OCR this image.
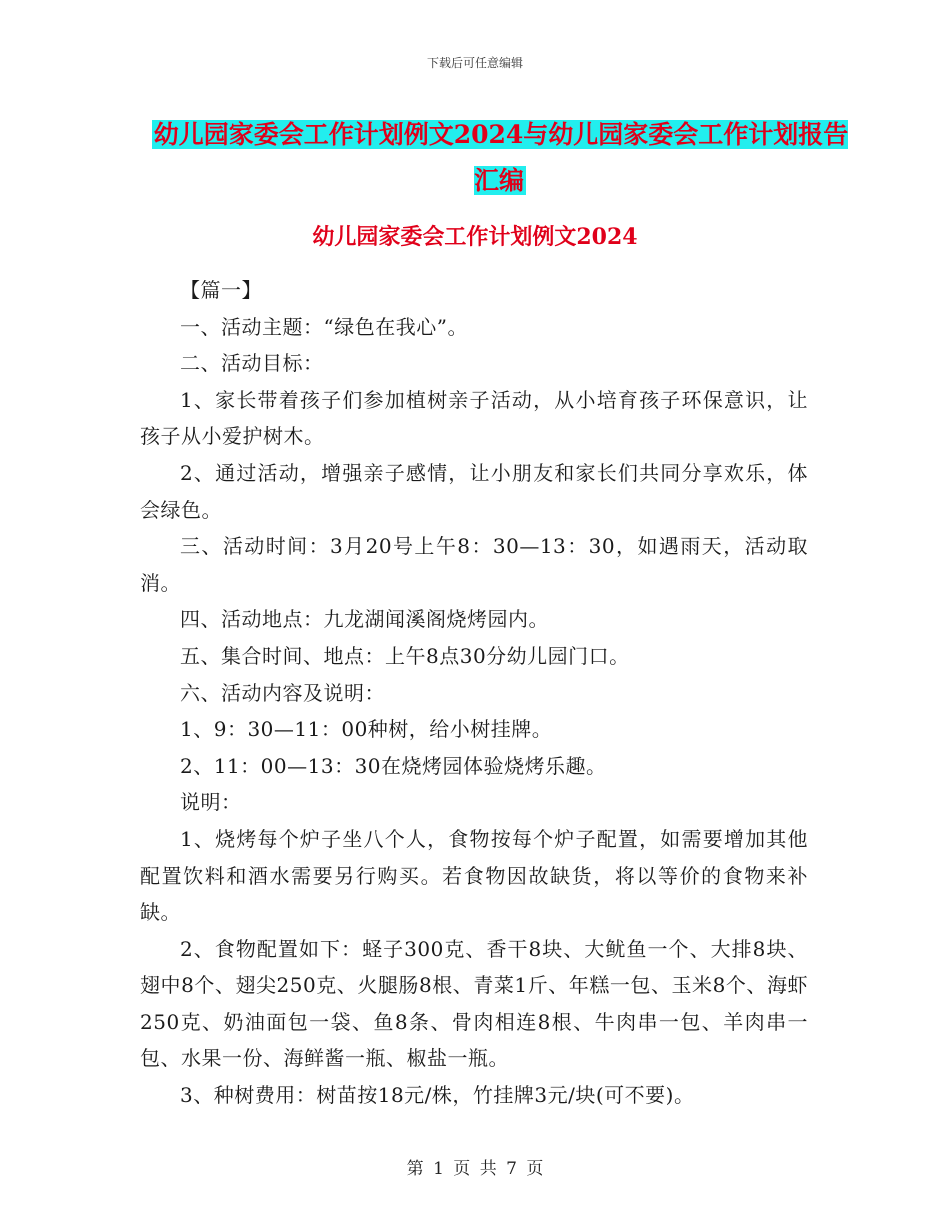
下载后可任意编辑
幼儿园家委会工作计划例文2024与幼儿园家委会工作计划报告汇编
幼儿园家委会工作计划例文2024

【篇一】

一、活动主题：“绿色在我心”。

二、活动目标：

1、家长带着孩子们参加植树亲子活动，从小培育孩子环保意识，让孩子从小爱护树木。

2、通过活动，增强亲子感情，让小朋友和家长们共同分享欢乐，体会绿色。

三、活动时间：3月20号上午8：30—13：30，如遇雨天，活动取消。

四、活动地点：九龙湖闻溪阁烧烤园内。

五、集合时间、地点：上午8点30分幼儿园门口。

六、活动内容及说明：

1、9：30—11：00种树，给小树挂牌。

2、11：00—13：30在烧烤园体验烧烤乐趣。

说明：

1、烧烤每个炉子坐八个人，食物按每个炉子配置，如需要增加其他配置饮料和酒水需要另行购买。若食物因故缺货，将以等价的食物来补缺。

2、食物配置如下：蛏子300克、香干8块、大鱿鱼一个、大排8块、翅中8个、翅尖250克、火腿肠8根、青菜1斤、年糕一包、玉米8个、海虾250克、奶油面包一袋、鱼8条、骨肉相连8根、牛肉串一包、羊肉串一包、水果一份、海鲜酱一瓶、椒盐一瓶。

3、种树费用：树苗按18元/株，竹挂牌3元/块(可不要)。

第 1 页 共 7 页
